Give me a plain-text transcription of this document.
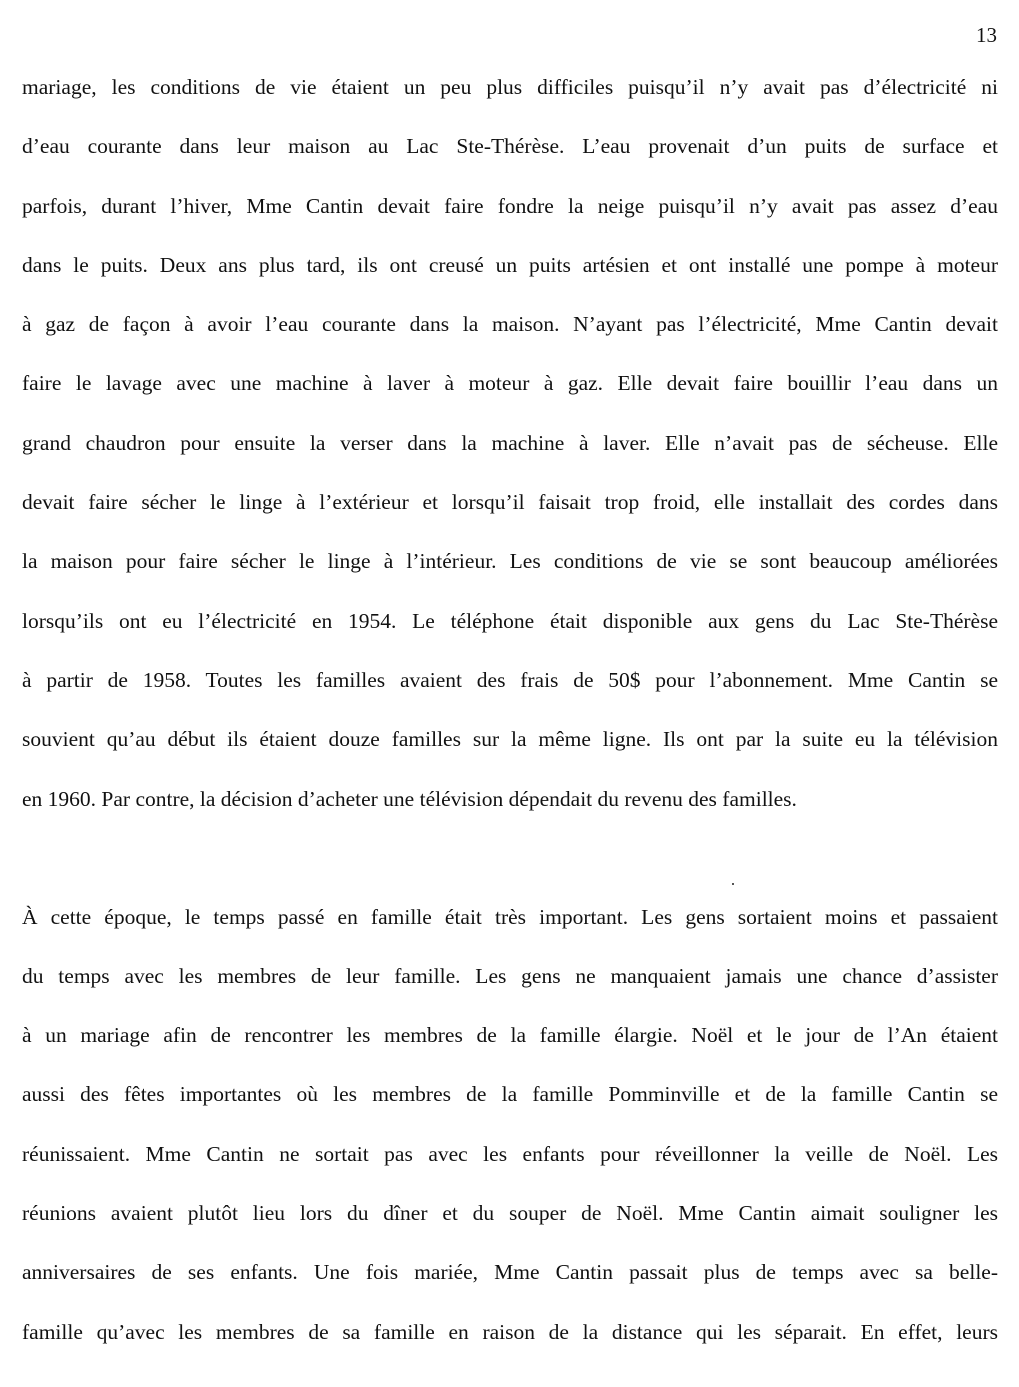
13
mariage, les conditions de vie étaient un peu plus difficiles puisqu’il n’y avait pas d’électricité ni
d’eau courante dans leur maison au Lac Ste-Thérèse. L’eau provenait d’un puits de surface et
parfois, durant l’hiver, Mme Cantin devait faire fondre la neige puisqu’il n’y avait pas assez d’eau
dans le puits. Deux ans plus tard, ils ont creusé un puits artésien et ont installé une pompe à moteur
à gaz de façon à avoir l’eau courante dans la maison. N’ayant pas l’électricité, Mme Cantin devait
faire le lavage avec une machine à laver à moteur à gaz. Elle devait faire bouillir l’eau dans un
grand chaudron pour ensuite la verser dans la machine à laver. Elle n’avait pas de sécheuse. Elle
devait faire sécher le linge à l’extérieur et lorsqu’il faisait trop froid, elle installait des cordes dans
la maison pour faire sécher le linge à l’intérieur. Les conditions de vie se sont beaucoup améliorées
lorsqu’ils ont eu l’électricité en 1954. Le téléphone était disponible aux gens du Lac Ste-Thérèse
à partir de 1958. Toutes les familles avaient des frais de 50$ pour l’abonnement. Mme Cantin se
souvient qu’au début ils étaient douze familles sur la même ligne. Ils ont par la suite eu la télévision
en 1960. Par contre, la décision d’acheter une télévision dépendait du revenu des familles.
À cette époque, le temps passé en famille était très important. Les gens sortaient moins et passaient
du temps avec les membres de leur famille. Les gens ne manquaient jamais une chance d’assister
à un mariage afin de rencontrer les membres de la famille élargie. Noël et le jour de l’An étaient
aussi des fêtes importantes où les membres de la famille Pomminville et de la famille Cantin se
réunissaient. Mme Cantin ne sortait pas avec les enfants pour réveillonner la veille de Noël. Les
réunions avaient plutôt lieu lors du dîner et du souper de Noël. Mme Cantin aimait souligner les
anniversaires de ses enfants. Une fois mariée, Mme Cantin passait plus de temps avec sa belle-
famille qu’avec les membres de sa famille en raison de la distance qui les séparait. En effet, leurs
